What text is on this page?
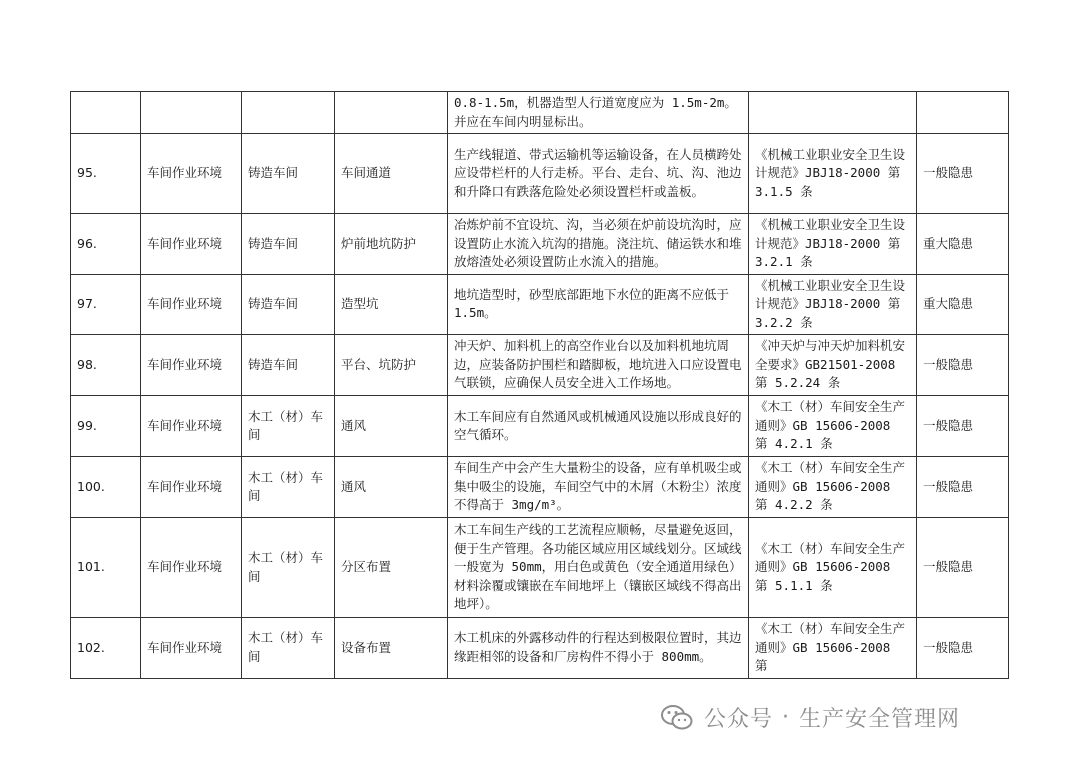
				0.8-1.5m，机器造型人行道宽度应为 1.5m-2m。并应在车间内明显标出。		
95.	车间作业环境	铸造车间	车间通道	生产线辊道、带式运输机等运输设备，在人员横跨处应设带栏杆的人行走桥。平台、走台、坑、沟、池边和升降口有跌落危险处必须设置栏杆或盖板。	《机械工业职业安全卫生设计规范》JBJ18-2000 第 3.1.5 条	一般隐患
96.	车间作业环境	铸造车间	炉前地坑防护	冶炼炉前不宜设坑、沟，当必须在炉前设坑沟时，应设置防止水流入坑沟的措施。浇注坑、储运铁水和堆放熔渣处必须设置防止水流入的措施。	《机械工业职业安全卫生设计规范》JBJ18-2000 第 3.2.1 条	重大隐患
97.	车间作业环境	铸造车间	造型坑	地坑造型时，砂型底部距地下水位的距离不应低于 1.5m。	《机械工业职业安全卫生设计规范》JBJ18-2000 第 3.2.2 条	重大隐患
98.	车间作业环境	铸造车间	平台、坑防护	冲天炉、加料机上的高空作业台以及加料机地坑周边，应装备防护围栏和踏脚板，地坑进入口应设置电气联锁，应确保人员安全进入工作场地。	《冲天炉与冲天炉加料机安全要求》GB21501-2008 第 5.2.24 条	一般隐患
99.	车间作业环境	木工（材）车间	通风	木工车间应有自然通风或机械通风设施以形成良好的空气循环。	《木工（材）车间安全生产通则》GB 15606-2008 第 4.2.1 条	一般隐患
100.	车间作业环境	木工（材）车间	通风	车间生产中会产生大量粉尘的设备，应有单机吸尘或集中吸尘的设施，车间空气中的木屑（木粉尘）浓度不得高于 3mg/m³。	《木工（材）车间安全生产通则》GB 15606-2008 第 4.2.2 条	一般隐患
101.	车间作业环境	木工（材）车间	分区布置	木工车间生产线的工艺流程应顺畅，尽量避免返回，便于生产管理。各功能区域应用区域线划分。区域线一般宽为 50mm，用白色或黄色（安全通道用绿色）材料涂覆或镶嵌在车间地坪上（镶嵌区域线不得高出地坪）。	《木工（材）车间安全生产通则》GB 15606-2008 第 5.1.1 条	一般隐患
102.	车间作业环境	木工（材）车间	设备布置	木工机床的外露移动件的行程达到极限位置时，其边缘距相邻的设备和厂房构件不得小于 800mm。	《木工（材）车间安全生产通则》GB 15606-2008 第	一般隐患
公众号 · 生产安全管理网
